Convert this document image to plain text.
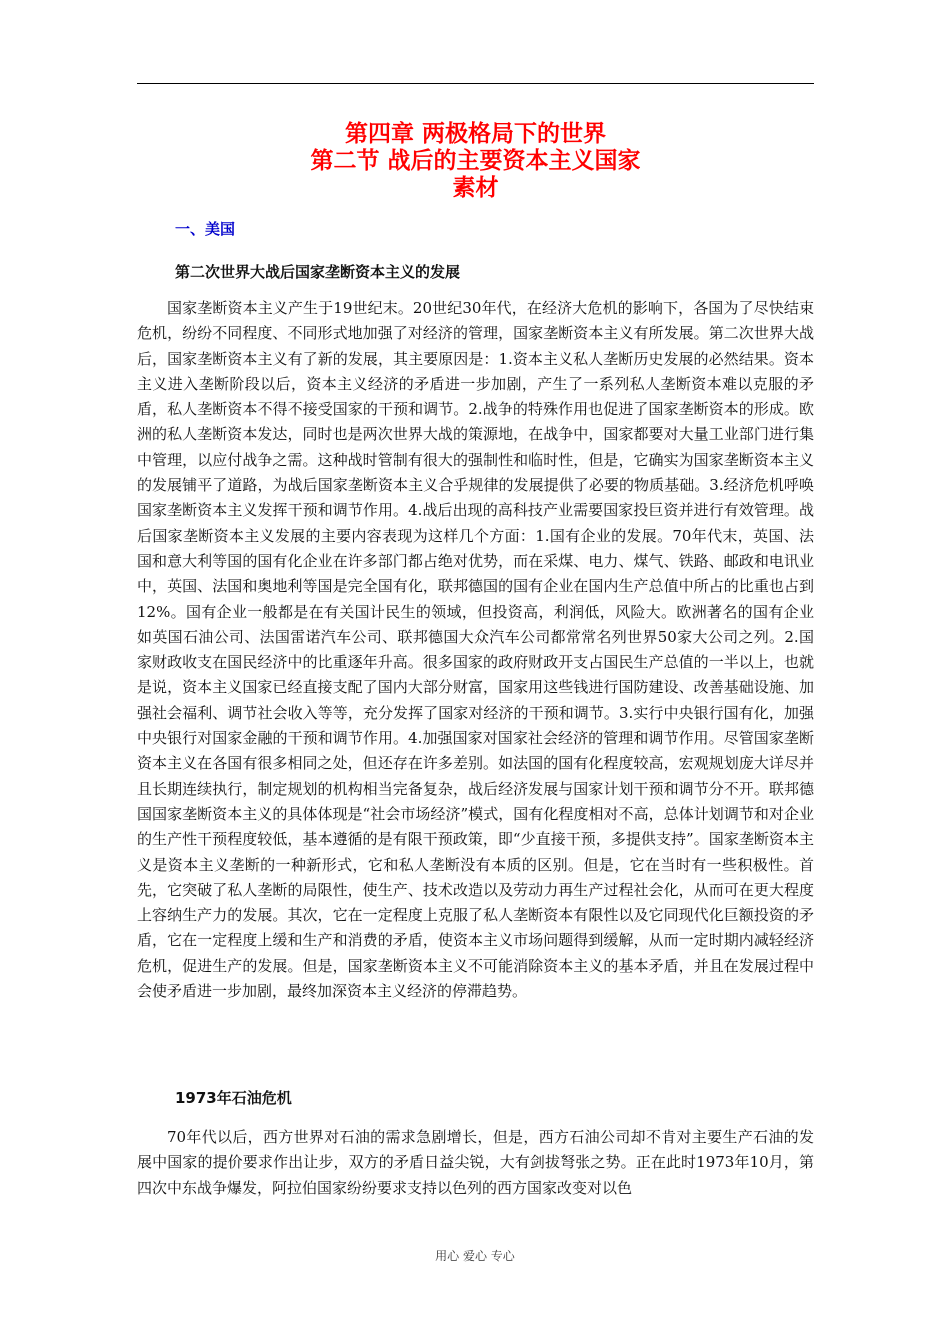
第四章 两极格局下的世界
第二节 战后的主要资本主义国家
素材
一、美国
第二次世界大战后国家垄断资本主义的发展

国家垄断资本主义产生于19世纪末。20世纪30年代，在经济大危机的影响下，各国为了尽快结束危机，纷纷不同程度、不同形式地加强了对经济的管理，国家垄断资本主义有所发展。第二次世界大战后，国家垄断资本主义有了新的发展，其主要原因是：1.资本主义私人垄断历史发展的必然结果。资本主义进入垄断阶段以后，资本主义经济的矛盾进一步加剧，产生了一系列私人垄断资本难以克服的矛盾，私人垄断资本不得不接受国家的干预和调节。2.战争的特殊作用也促进了国家垄断资本的形成。欧洲的私人垄断资本发达，同时也是两次世界大战的策源地，在战争中，国家都要对大量工业部门进行集中管理，以应付战争之需。这种战时管制有很大的强制性和临时性，但是，它确实为国家垄断资本主义的发展铺平了道路，为战后国家垄断资本主义合乎规律的发展提供了必要的物质基础。3.经济危机呼唤国家垄断资本主义发挥干预和调节作用。4.战后出现的高科技产业需要国家投巨资并进行有效管理。战后国家垄断资本主义发展的主要内容表现为这样几个方面：1.国有企业的发展。70年代末，英国、法国和意大利等国的国有化企业在许多部门都占绝对优势，而在采煤、电力、煤气、铁路、邮政和电讯业中，英国、法国和奥地利等国是完全国有化，联邦德国的国有企业在国内生产总值中所占的比重也占到12%。国有企业一般都是在有关国计民生的领域，但投资高，利润低，风险大。欧洲著名的国有企业如英国石油公司、法国雷诺汽车公司、联邦德国大众汽车公司都常常名列世界50家大公司之列。2.国家财政收支在国民经济中的比重逐年升高。很多国家的政府财政开支占国民生产总值的一半以上，也就是说，资本主义国家已经直接支配了国内大部分财富，国家用这些钱进行国防建设、改善基础设施、加强社会福利、调节社会收入等等，充分发挥了国家对经济的干预和调节。3.实行中央银行国有化，加强中央银行对国家金融的干预和调节作用。4.加强国家对国家社会经济的管理和调节作用。尽管国家垄断资本主义在各国有很多相同之处，但还存在许多差别。如法国的国有化程度较高，宏观规划庞大详尽并且长期连续执行，制定规划的机构相当完备复杂，战后经济发展与国家计划干预和调节分不开。联邦德国国家垄断资本主义的具体体现是“社会市场经济”模式，国有化程度相对不高，总体计划调节和对企业的生产性干预程度较低，基本遵循的是有限干预政策，即“少直接干预，多提供支持”。国家垄断资本主义是资本主义垄断的一种新形式，它和私人垄断没有本质的区别。但是，它在当时有一些积极性。首先，它突破了私人垄断的局限性，使生产、技术改造以及劳动力再生产过程社会化，从而可在更大程度上容纳生产力的发展。其次，它在一定程度上克服了私人垄断资本有限性以及它同现代化巨额投资的矛盾，它在一定程度上缓和生产和消费的矛盾，使资本主义市场问题得到缓解，从而一定时期内减轻经济危机，促进生产的发展。但是，国家垄断资本主义不可能消除资本主义的基本矛盾，并且在发展过程中会使矛盾进一步加剧，最终加深资本主义经济的停滞趋势。

1973年石油危机

70年代以后，西方世界对石油的需求急剧增长，但是，西方石油公司却不肯对主要生产石油的发展中国家的提价要求作出让步，双方的矛盾日益尖锐，大有剑拔弩张之势。正在此时1973年10月，第四次中东战争爆发，阿拉伯国家纷纷要求支持以色列的西方国家改变对以色

用心 爱心 专心
